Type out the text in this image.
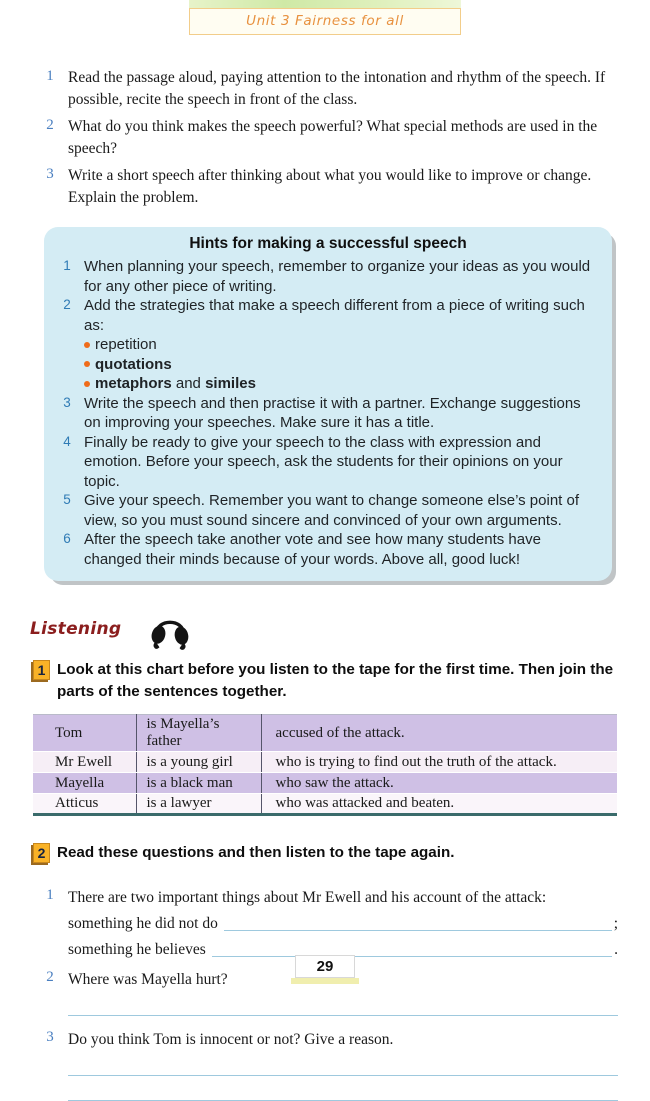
Unit 3 Fairness for all
1 Read the passage aloud, paying attention to the intonation and rhythm of the speech. If possible, recite the speech in front of the class.
2 What do you think makes the speech powerful? What special methods are used in the speech?
3 Write a short speech after thinking about what you would like to improve or change. Explain the problem.
Hints for making a successful speech
1 When planning your speech, remember to organize your ideas as you would for any other piece of writing.
2 Add the strategies that make a speech different from a piece of writing such as:
repetition
quotations
metaphors
and
similes
3 Write the speech and then practise it with a partner. Exchange suggestions on improving your speeches. Make sure it has a title.
4 Finally be ready to give your speech to the class with expression and emotion. Before your speech, ask the students for their opinions on your topic.
5 Give your speech. Remember you want to change someone else’s point of view, so you must sound sincere and convinced of your own arguments.
6 After the speech take another vote and see how many students have changed their minds because of your words. Above all, good luck!
Listening
1 Look at this chart before you listen to the tape for the first time. Then join the parts of the sentences together.
Tom	is Mayella’s father	accused of the attack.
Mr Ewell	is a young girl	who is trying to find out the truth of the attack.
Mayella	is a black man	who saw the attack.
Atticus	is a lawyer	who was attacked and beaten.
2 Read these questions and then listen to the tape again.
1 There are two important things about Mr Ewell and his account of the attack:
something he did not do	;
something he believes	.
2 Where was Mayella hurt?
3 Do you think Tom is innocent or not? Give a reason.
29
